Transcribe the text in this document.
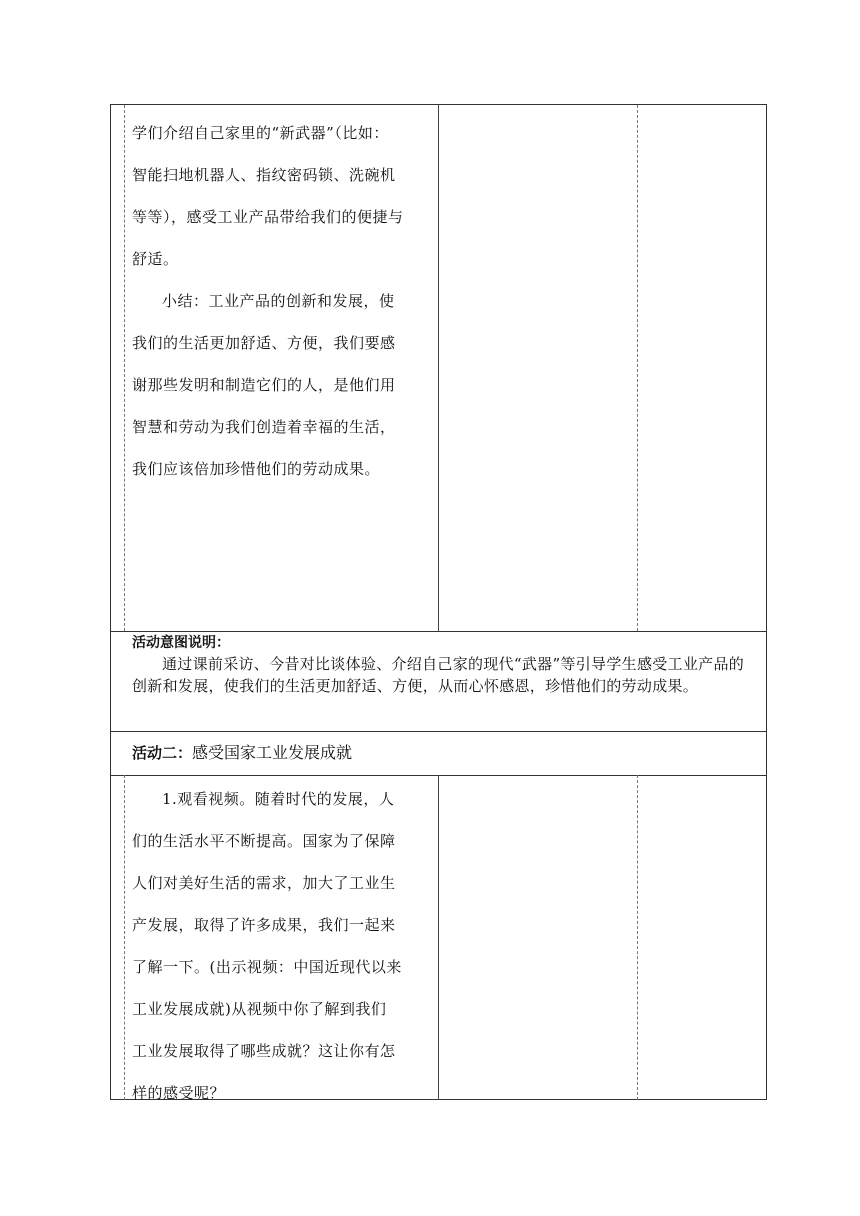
学们介绍自己家里的“新武器”（比如：

智能扫地机器人、指纹密码锁、洗碗机

等等），感受工业产品带给我们的便捷与

舒适。

小结：工业产品的创新和发展，使

我们的生活更加舒适、方便，我们要感

谢那些发明和制造它们的人，是他们用

智慧和劳动为我们创造着幸福的生活，

我们应该倍加珍惜他们的劳动成果。

活动意图说明：
通过课前采访、今昔对比谈体验、介绍自己家的现代“武器”等引导学生感受工业产品的创新和发展，使我们的生活更加舒适、方便，从而心怀感恩，珍惜他们的劳动成果。
活动二：感受国家工业发展成就

1.观看视频。随着时代的发展，人

们的生活水平不断提高。国家为了保障

人们对美好生活的需求，加大了工业生

产发展，取得了许多成果，我们一起来

了解一下。(出示视频：中国近现代以来

工业发展成就)从视频中你了解到我们

工业发展取得了哪些成就？这让你有怎

样的感受呢？
